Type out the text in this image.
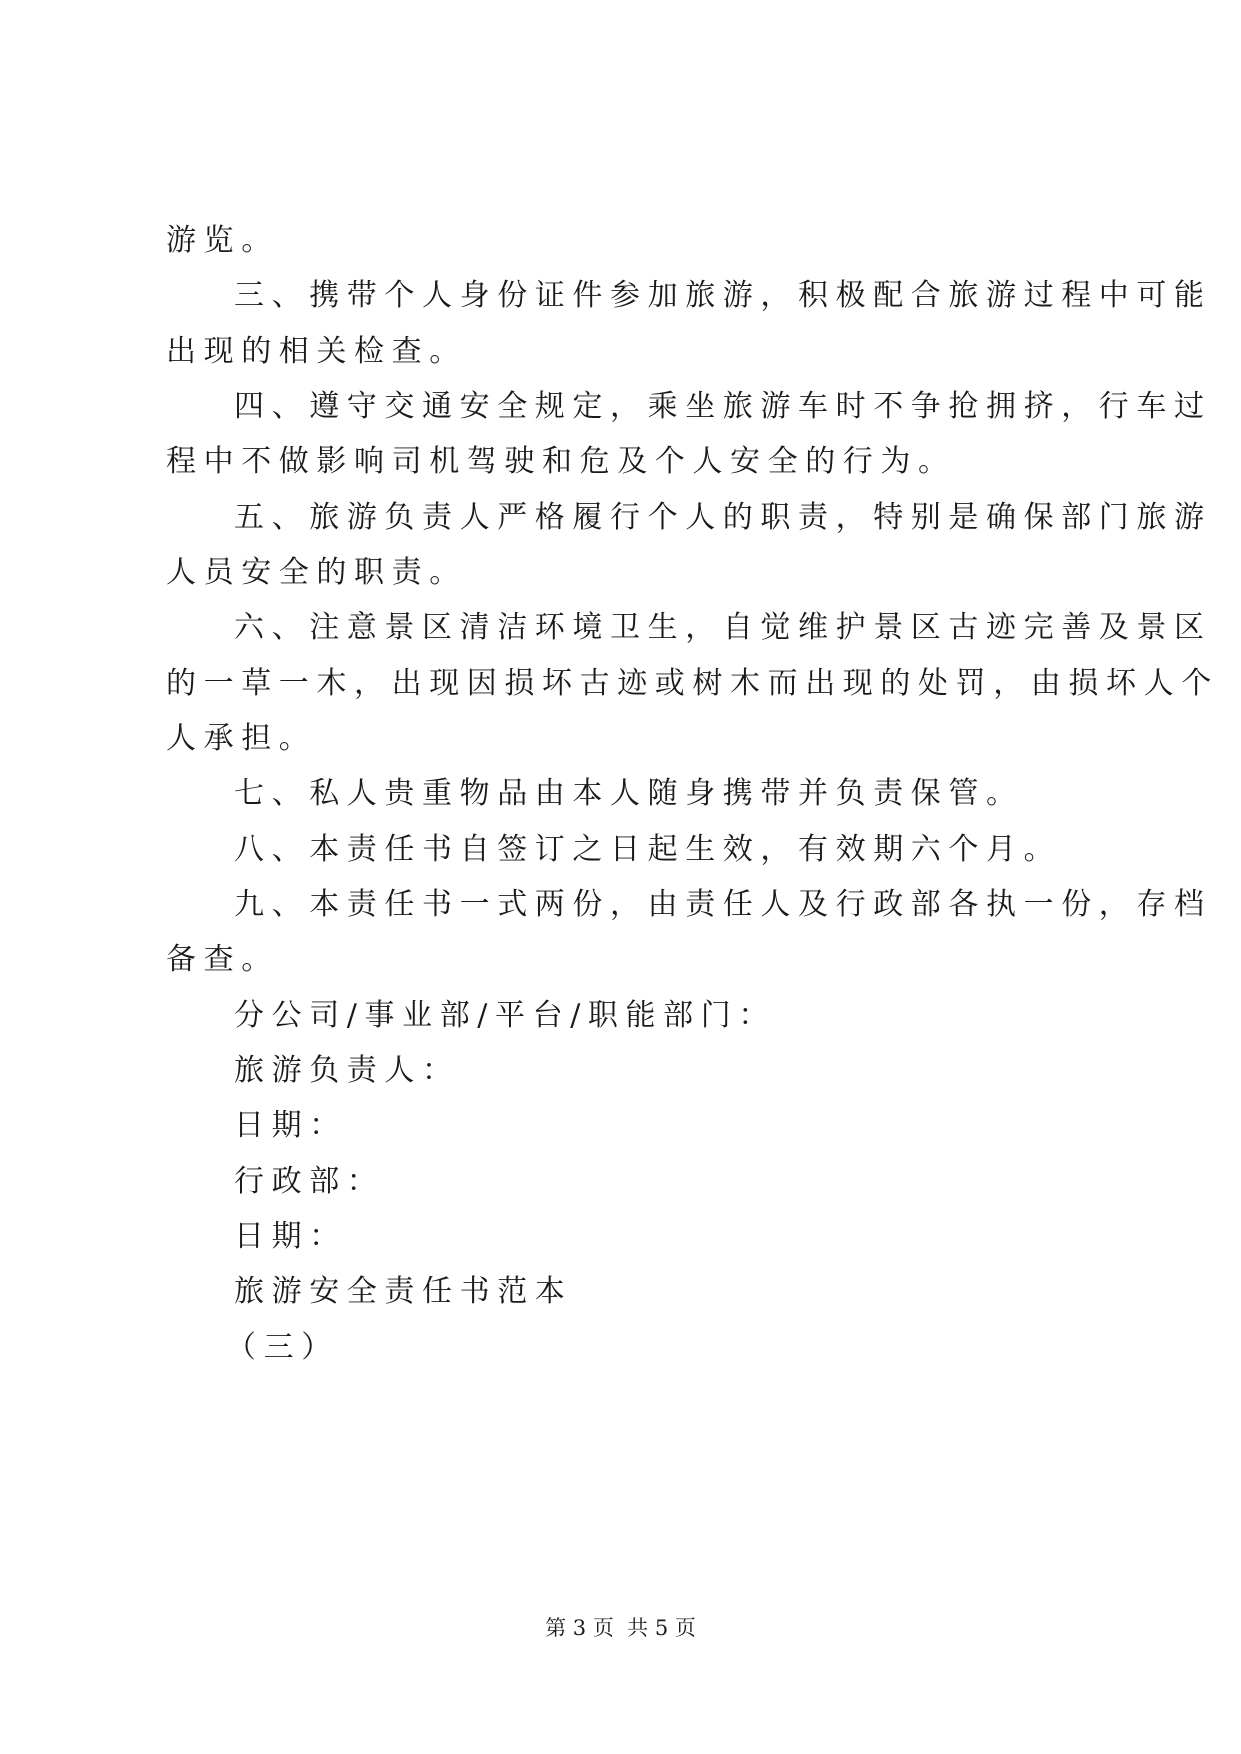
游览。
三、携带个人身份证件参加旅游，积极配合旅游过程中可能
出现的相关检查。
四、遵守交通安全规定，乘坐旅游车时不争抢拥挤，行车过
程中不做影响司机驾驶和危及个人安全的行为。
五、旅游负责人严格履行个人的职责，特别是确保部门旅游
人员安全的职责。
六、注意景区清洁环境卫生，自觉维护景区古迹完善及景区
的一草一木，出现因损坏古迹或树木而出现的处罚，由损坏人个
人承担。
七、私人贵重物品由本人随身携带并负责保管。
八、本责任书自签订之日起生效，有效期六个月。
九、本责任书一式两份，由责任人及行政部各执一份，存档
备查。
分公司/事业部/平台/职能部门：
旅游负责人：
日期：
行政部：
日期：
旅游安全责任书范本
（三）
第 3 页  共 5 页
